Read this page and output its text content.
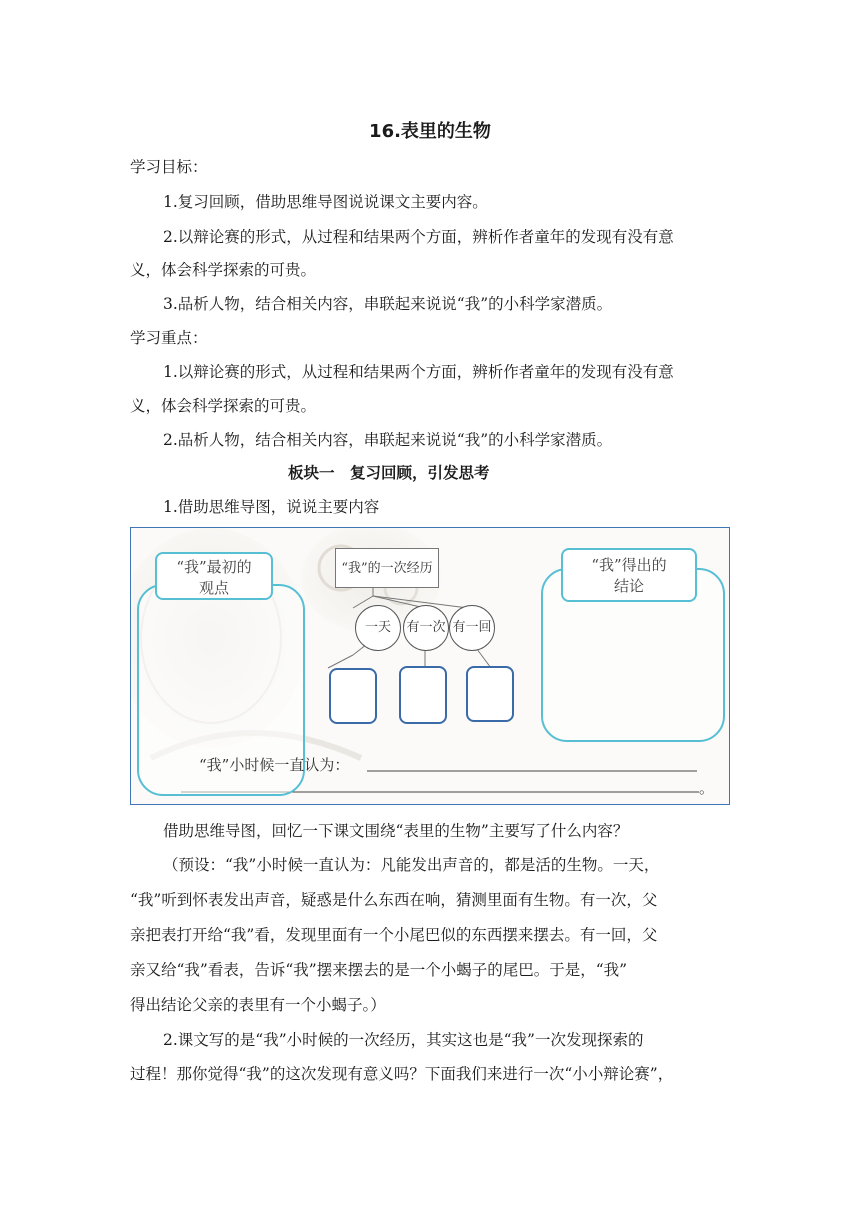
16.表里的生物
学习目标：
1.复习回顾，借助思维导图说说课文主要内容。
2.以辩论赛的形式，从过程和结果两个方面，辨析作者童年的发现有没有意
义，体会科学探索的可贵。
3.品析人物，结合相关内容，串联起来说说“我”的小科学家潜质。
学习重点：
1.以辩论赛的形式，从过程和结果两个方面，辨析作者童年的发现有没有意
义，体会科学探索的可贵。
2.品析人物，结合相关内容，串联起来说说“我”的小科学家潜质。
板块一　复习回顾，引发思考
1.借助思维导图，说说主要内容
“我”最初的
观点
“我”的一次经历
一天	有一次 有一回
“我”得出的
结论
“我”小时候一直认为：
。
借助思维导图，回忆一下课文围绕“表里的生物”主要写了什么内容？
（预设：“我”小时候一直认为：凡能发出声音的，都是活的生物。一天，
“我”听到怀表发出声音，疑惑是什么东西在响，猜测里面有生物。有一次，父
亲把表打开给“我”看，发现里面有一个小尾巴似的东西摆来摆去。有一回，父
亲又给“我”看表，告诉“我”摆来摆去的是一个小蝎子的尾巴。于是，“我”
得出结论父亲的表里有一个小蝎子。）
2.课文写的是“我”小时候的一次经历，其实这也是“我”一次发现探索的
过程！那你觉得“我”的这次发现有意义吗？下面我们来进行一次“小小辩论赛”，
